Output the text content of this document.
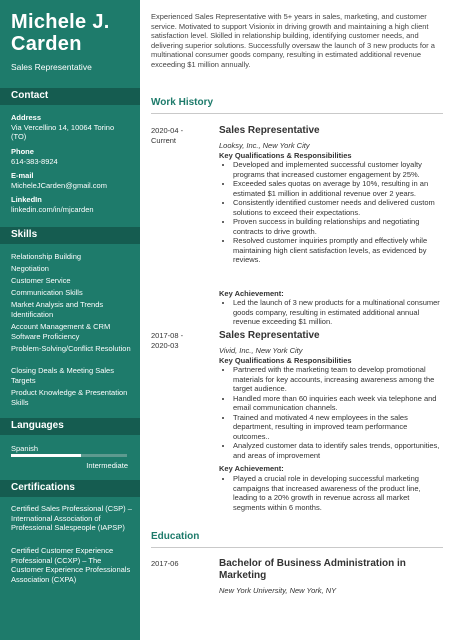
Michele J.
Carden
Sales Representative
Contact
Address
Via Vercellino 14, 10064 Torino
(TO)
Phone
614-383-8924
E-mail
MicheleJCarden@gmail.com
LinkedIn
linkedin.com/in/mjcarden
Skills
Relationship Building
Negotiation
Customer Service
Communication Skills
Market Analysis and Trends Identification
Account Management & CRM Software Proficiency
Problem-Solving/Conflict Resolution
Closing Deals & Meeting Sales Targets
Product Knowledge & Presentation Skills
Languages
Spanish
Intermediate
Certifications
Certified Sales Professional (CSP) – International Association of Professional Salespeople (IAPSP)
Certified Customer Experience Professional (CCXP) – The Customer Experience Professionals Association (CXPA)
Experienced Sales Representative with 5+ years in sales, marketing, and customer service. Motivated to support Visionix in driving growth and maintaining a high client satisfaction level. Skilled in relationship building, identifying customer needs, and delivering superior solutions. Successfully oversaw the launch of 3 new products for a multinational consumer goods company, resulting in estimated additional revenue exceeding $1 million annually.
Work History
2020-04 -
Current
Sales Representative
Looksy, Inc., New York City
Key Qualifications & Responsibilities
• Developed and implemented successful customer loyalty programs that increased customer engagement by 25%.
• Exceeded sales quotas on average by 10%, resulting in an estimated $1 million in additional revenue over 2 years.
• Consistently identified customer needs and delivered custom solutions to exceed their expectations.
• Proven success in building relationships and negotiating contracts to drive growth.
• Resolved customer inquiries promptly and effectively while maintaining high client satisfaction levels, as evidenced by reviews.
Key Achievement:
• Led the launch of 3 new products for a multinational consumer goods company, resulting in estimated additional annual revenue exceeding $1 million.
2017-08 -
2020-03
Sales Representative
Vivid, Inc., New York City
Key Qualifications & Responsibilities
• Partnered with the marketing team to develop promotional materials for key accounts, increasing awareness among the target audience.
• Handled more than 60 inquiries each week via telephone and email communication channels.
• Trained and motivated 4 new employees in the sales department, resulting in improved team performance outcomes..
• Analyzed customer data to identify sales trends, opportunities, and areas of improvement
Key Achievement:
• Played a crucial role in developing successful marketing campaigns that increased awareness of the product line, leading to a 20% growth in revenue across all market segments within 6 months.
Education
2017-06	Bachelor of Business Administration in
Marketing
New York University, New York, NY
